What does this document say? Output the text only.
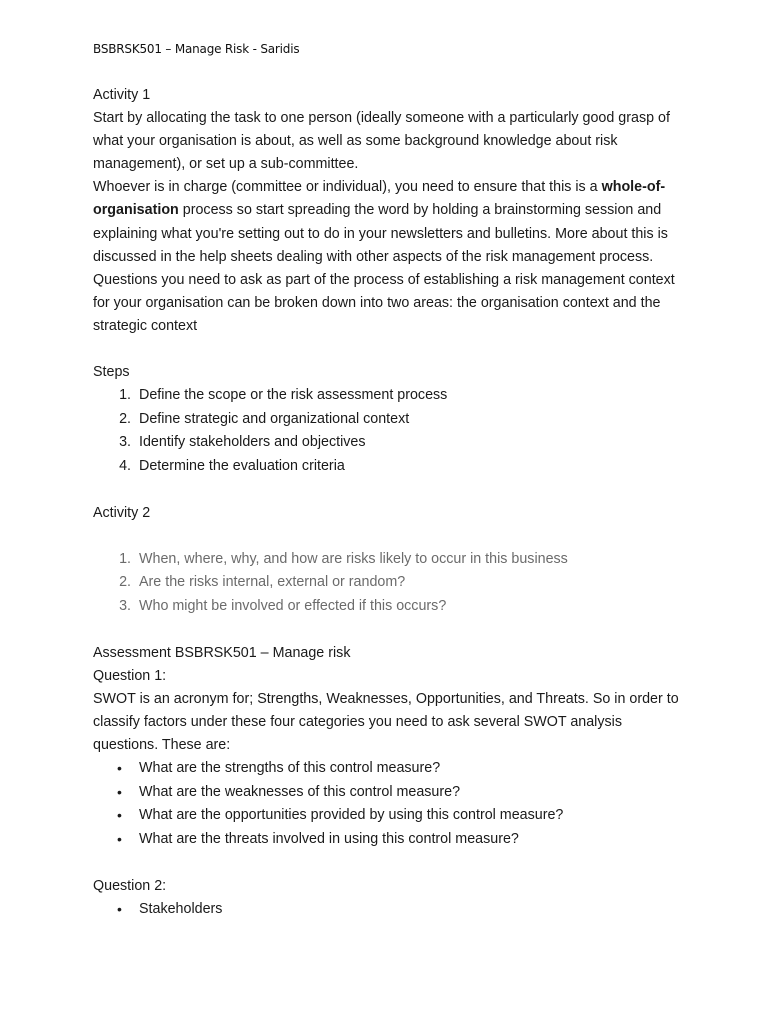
BSBRSK501 – Manage Risk - Saridis

Activity 1

Start by allocating the task to one person (ideally someone with a particularly good grasp of what your organisation is about, as well as some background knowledge about risk management), or set up a sub-committee.

Whoever is in charge (committee or individual), you need to ensure that this is a whole-of-organisation process so start spreading the word by holding a brainstorming session and explaining what you're setting out to do in your newsletters and bulletins. More about this is discussed in the help sheets dealing with other aspects of the risk management process.

Questions you need to ask as part of the process of establishing a risk management context for your organisation can be broken down into two areas: the organisation context and the strategic context

Steps

1. Define the scope or the risk assessment process
2. Define strategic and organizational context
3. Identify stakeholders and objectives
4. Determine the evaluation criteria

Activity 2

1. When, where, why, and how are risks likely to occur in this business
2. Are the risks internal, external or random?
3. Who might be involved or effected if this occurs?

Assessment BSBRSK501 – Manage risk

Question 1:

SWOT is an acronym for; Strengths, Weaknesses, Opportunities, and Threats. So in order to classify factors under these four categories you need to ask several SWOT analysis questions. These are:

• What are the strengths of this control measure?
• What are the weaknesses of this control measure?
• What are the opportunities provided by using this control measure?
• What are the threats involved in using this control measure?

Question 2:

• Stakeholders
